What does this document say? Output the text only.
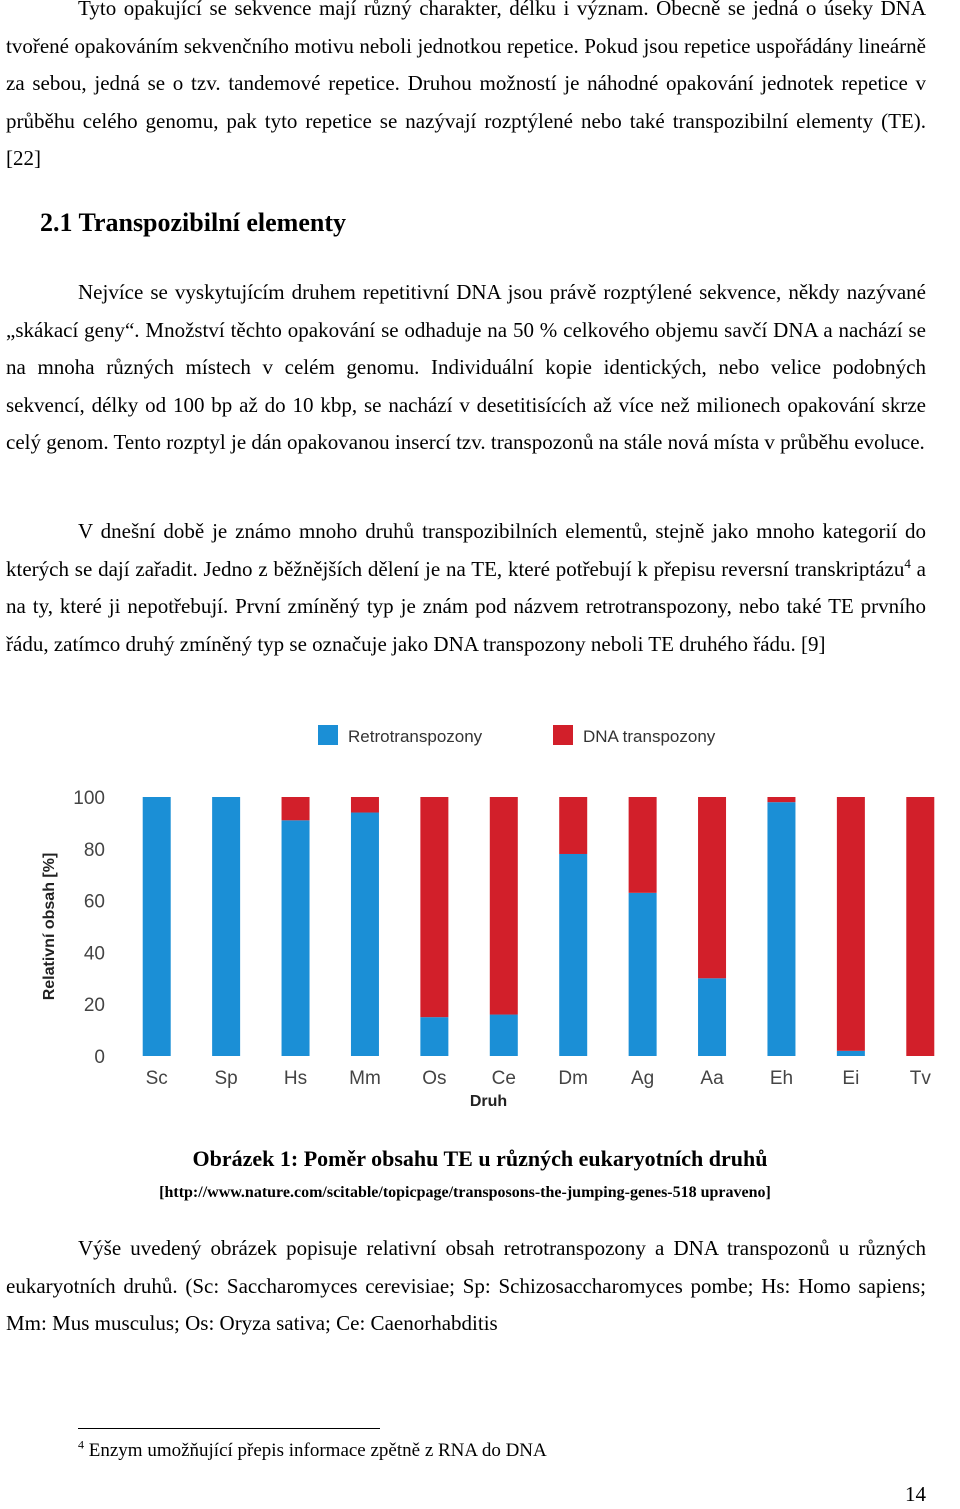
Tyto opakující se sekvence mají různý charakter, délku i význam. Obecně se jedná o úseky DNA tvořené opakováním sekvenčního motivu neboli jednotkou repetice. Pokud jsou repetice uspořádány lineárně za sebou, jedná se o tzv. tandemové repetice. Druhou možností je náhodné opakování jednotek repetice v průběhu celého genomu, pak tyto repetice se nazývají rozptýlené nebo také transpozibilní elementy (TE). [22]

2.1 Transpozibilní elementy

Nejvíce se vyskytujícím druhem repetitivní DNA jsou právě rozptýlené sekvence, někdy nazývané „skákací geny“. Množství těchto opakování se odhaduje na 50 % celkového objemu savčí DNA a nachází se na mnoha různých místech v celém genomu. Individuální kopie identických, nebo velice podobných sekvencí, délky od 100 bp až do 10 kbp, se nachází v desetitisících až více než milionech opakování skrze celý genom. Tento rozptyl je dán opakovanou insercí tzv. transpozonů na stále nová místa v průběhu evoluce.

V dnešní době je známo mnoho druhů transpozibilních elementů, stejně jako mnoho kategorií do kterých se dají zařadit. Jedno z běžnějších dělení je na TE, které potřebují k přepisu reversní transkriptázu$^4$ a na ty, které ji nepotřebují. První zmíněný typ je znám pod názvem retrotranspozony, nebo také TE prvního řádu, zatímco druhý zmíněný typ se označuje jako DNA transpozony neboli TE druhého řádu. [9]

Retrotranspozony	DNA transpozony
0
20
40
60
80
100
Relativní obsah [%]
Sc Sp Hs Mm Os Ce Dm Ag Aa Eh	Ei	Tv
Druh

Obrázek 1: Poměr obsahu TE u různých eukaryotních druhů

[http://www.nature.com/scitable/topicpage/transposons-the-jumping-genes-518 upraveno]

Výše uvedený obrázek popisuje relativní obsah retrotranspozony a DNA transpozonů u různých eukaryotních druhů. (Sc: Saccharomyces cerevisiae; Sp: Schizosaccharomyces pombe; Hs: Homo sapiens; Mm: Mus musculus; Os: Oryza sativa; Ce: Caenorhabditis

$^4$ Enzym umožňující přepis informace zpětně z RNA do DNA

14
